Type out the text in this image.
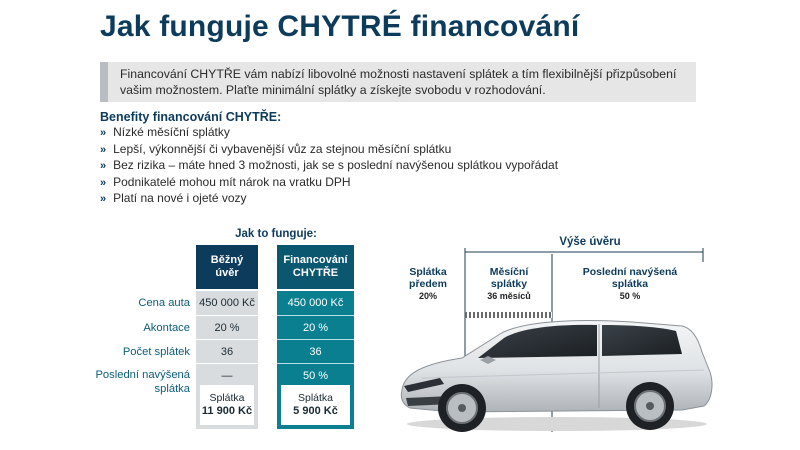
Jak funguje CHYTRÉ financování
Financování CHYTŘE vám nabízí libovolné možnosti nastavení splátek a tím flexibilnější přizpůsobení vašim možnostem. Plaťte minimální splátky a získejte svobodu v rozhodování.
Benefity financování CHYTŘE:
» Nízké měsíční splátky
» Lepší, výkonnější či vybavenější vůz za stejnou měsíční splátku
» Bez rizika – máte hned 3 možnosti, jak se s poslední navýšenou splátkou vypořádat
» Podnikatelé mohou mít nárok na vratku DPH
» Platí na nové i ojeté vozy
Jak to funguje:
Běžný úvěr
Financování CHYTŘE
Cena auta
Akontace
Počet splátek
Poslední navýšená splátka
450 000 Kč
20 %
36
—
Splátka
11 900 Kč
450 000 Kč
20 %
36
50 %
Splátka
5 900 Kč
Výše úvěru
Splátka předem
20%
Měsíční splátky
36 měsíců
Poslední navýšená splátka
50 %
